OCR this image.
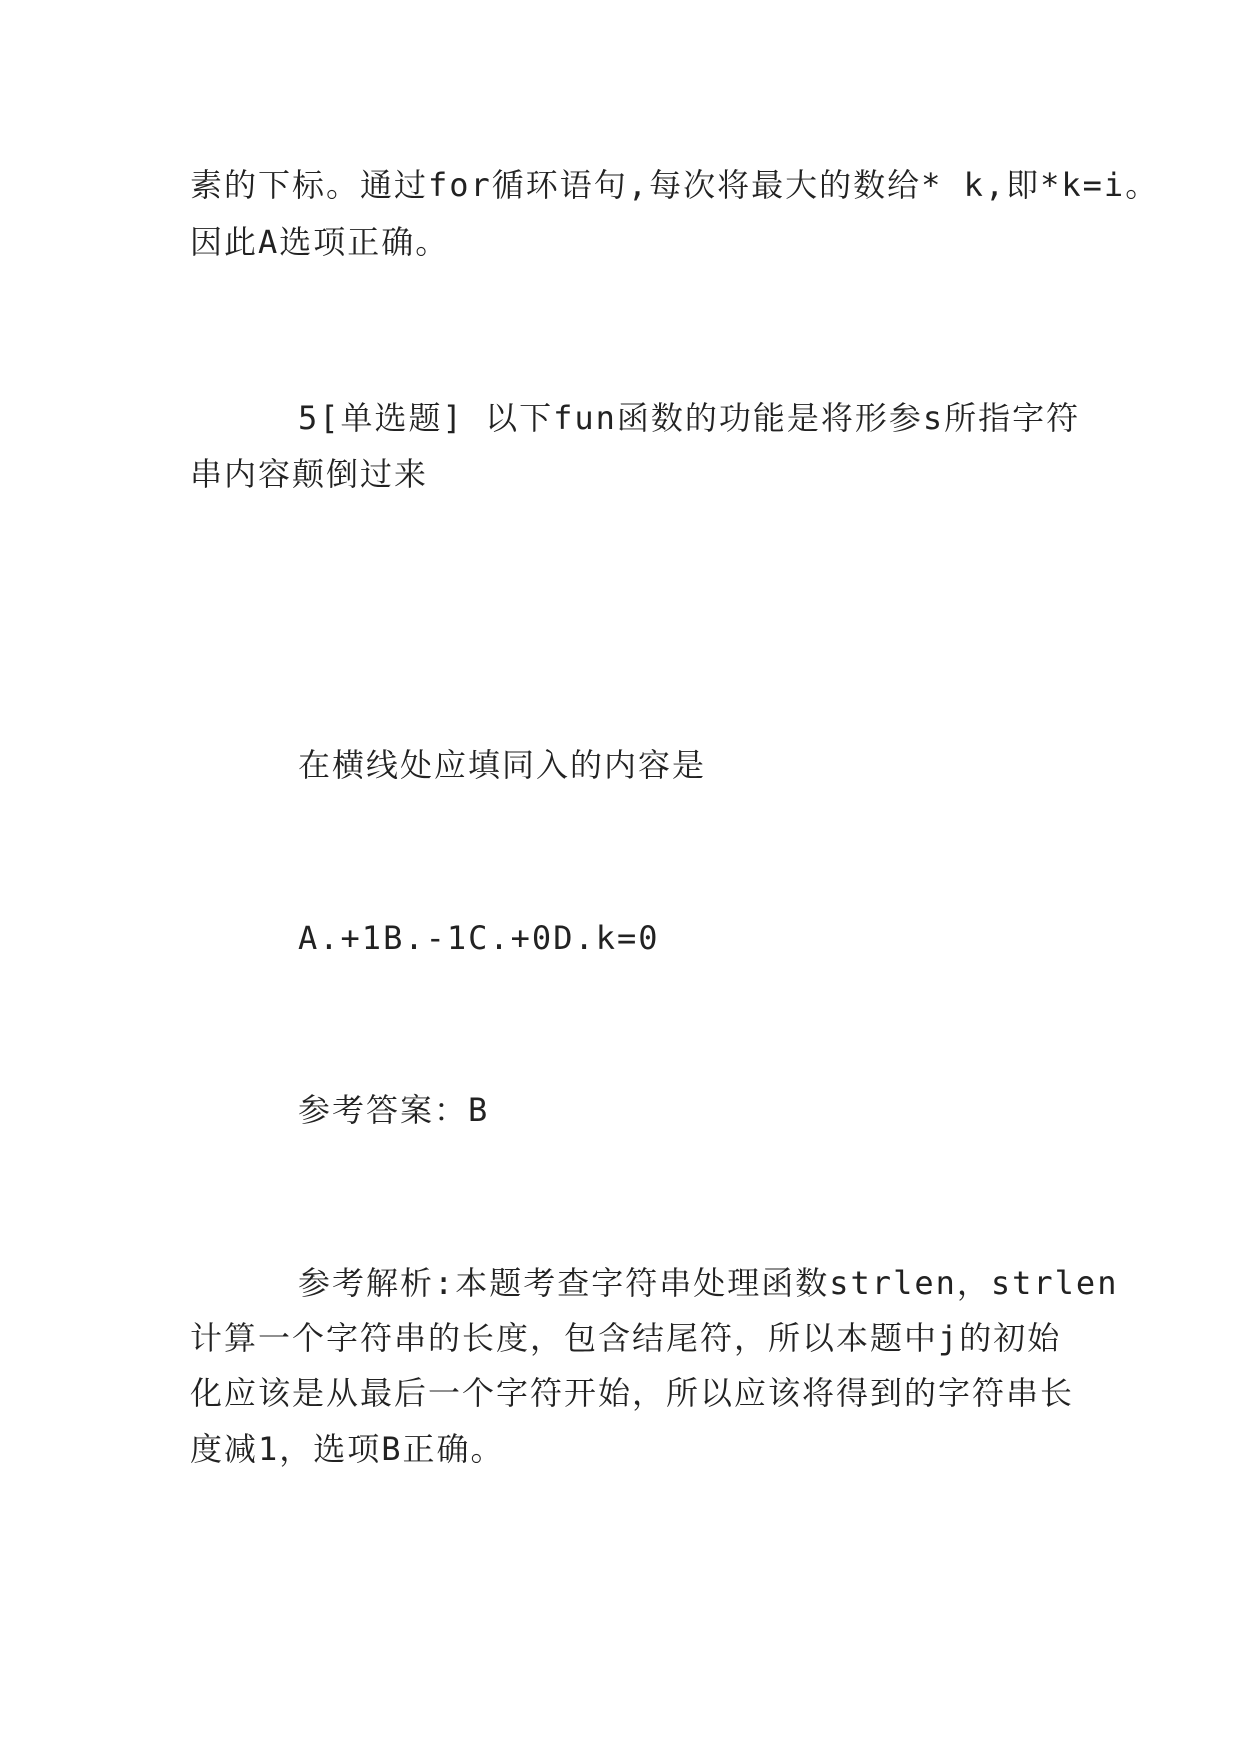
素的下标。通过for循环语句,每次将最大的数给* k,即*k=i。
因此A选项正确。
5[单选题] 以下fun函数的功能是将形参s所指字符
串内容颠倒过来
在横线处应填同入的内容是
A.+1B.-1C.+0D.k=0
参考答案：B
参考解析:本题考查字符串处理函数strlen，strlen
计算一个字符串的长度，包含结尾符，所以本题中j的初始
化应该是从最后一个字符开始，所以应该将得到的字符串长
度减1，选项B正确。
